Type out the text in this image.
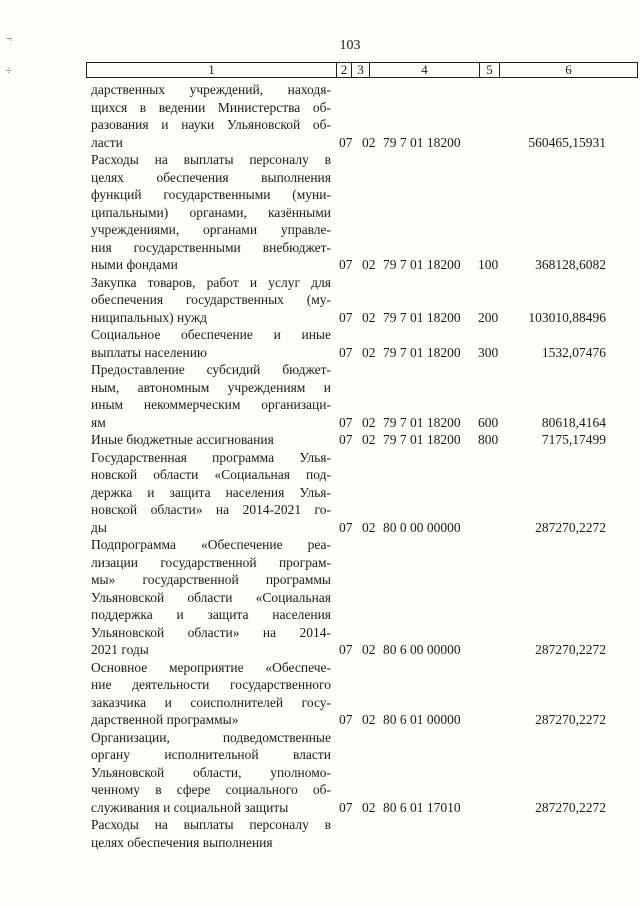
103
¬
÷	1	2 3	4	5	6
дарственных учреждений, находя-
щихся в ведении Министерства об-
разования и науки Ульяновской об-
ласти	07 02 79 7 01 18200	560465,15931
Расходы на выплаты персоналу в
целях обеспечения выполнения
функций государственными (муни-
ципальными) органами, казёнными
учреждениями, органами управле-
ния государственными внебюджет-
ными фондами	07 02 79 7 01 18200 100	368128,6082
Закупка товаров, работ и услуг для
обеспечения государственных (му-
ниципальных) нужд	07 02 79 7 01 18200 200 103010,88496
Социальное обеспечение и иные
выплаты населению	07 02 79 7 01 18200 300	1532,07476
Предоставление субсидий бюджет-
ным, автономным учреждениям и
иным некоммерческим организаци-
ям	07 02 79 7 01 18200 600	80618,4164
Иные бюджетные ассигнования	07 02 79 7 01 18200 800	7175,17499
Государственная программа Улья-
новской области «Социальная под-
держка и защита населения Улья-
новской области» на 2014-2021 го-
ды	07 02 80 0 00 00000	287270,2272
Подпрограмма «Обеспечение реа-
лизации государственной програм-
мы» государственной программы
Ульяновской области «Социальная
поддержка и защита населения
Ульяновской области» на 2014-
2021 годы	07 02 80 6 00 00000	287270,2272
Основное мероприятие «Обеспече-
ние деятельности государственного
заказчика и соисполнителей госу-
дарственной программы»	07 02 80 6 01 00000	287270,2272
Организации, подведомственные
органу исполнительной власти
Ульяновской области, уполномо-
ченному в сфере социального об-
служивания и социальной защиты	07 02 80 6 01 17010	287270,2272
Расходы на выплаты персоналу в
целях обеспечения выполнения
